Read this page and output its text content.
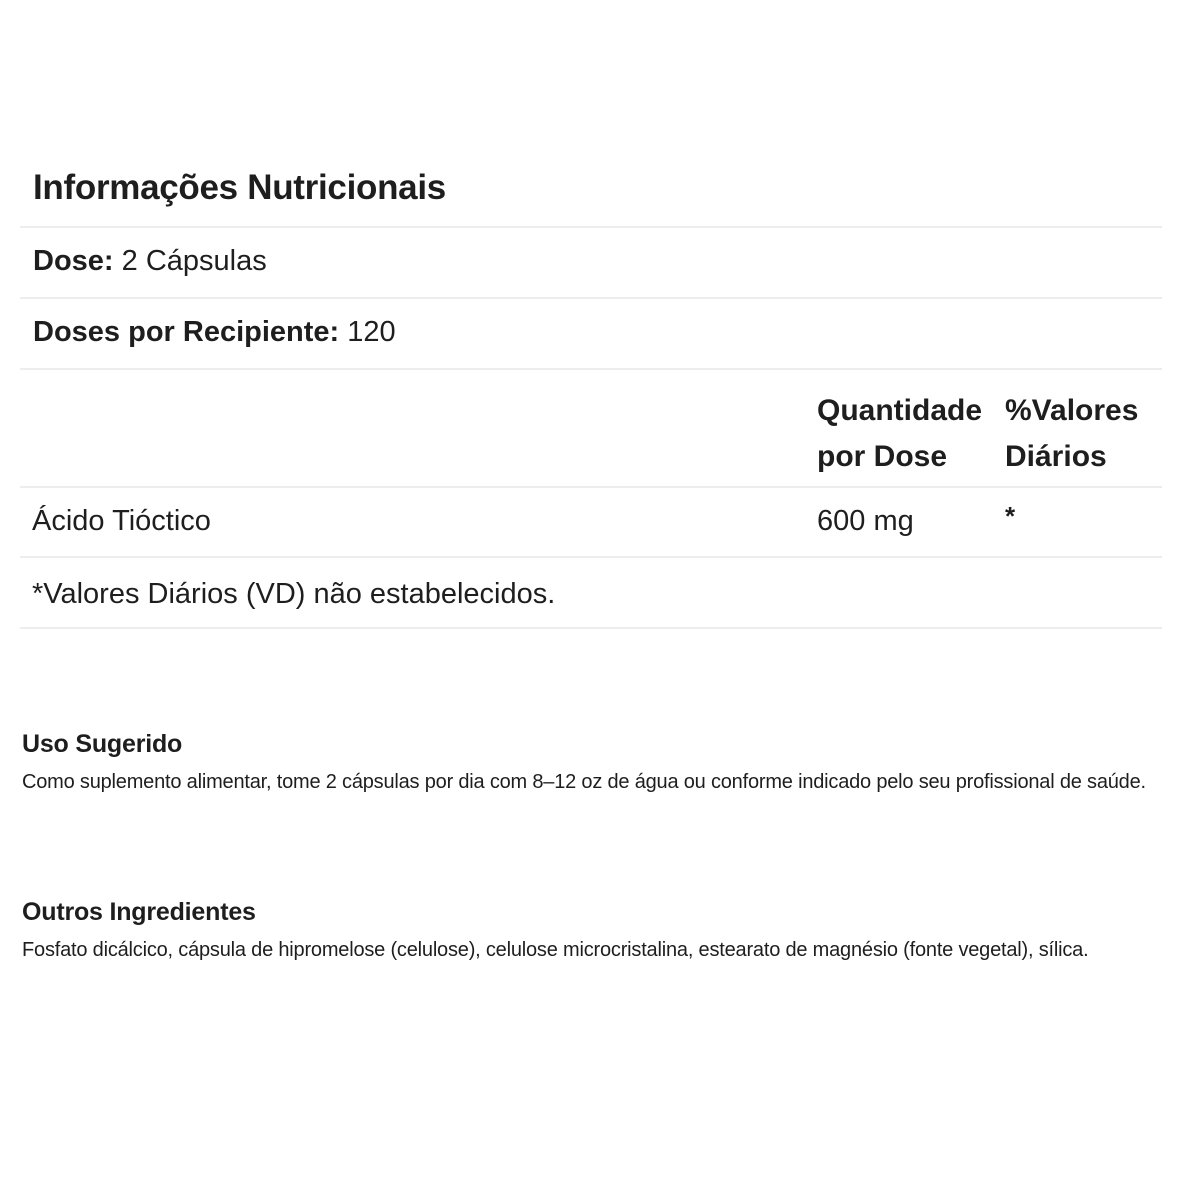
Informações Nutricionais
Dose: 2 Cápsulas
Doses por Recipiente: 120
Quantidade por Dose
%Valores Diários
Ácido Tióctico	600 mg	*
*Valores Diários (VD) não estabelecidos.
Uso Sugerido

Como suplemento alimentar, tome 2 cápsulas por dia com 8–12 oz de água ou conforme indicado pelo seu profissional de saúde.

Outros Ingredientes

Fosfato dicálcico, cápsula de hipromelose (celulose), celulose microcristalina, estearato de magnésio (fonte vegetal), sílica.
